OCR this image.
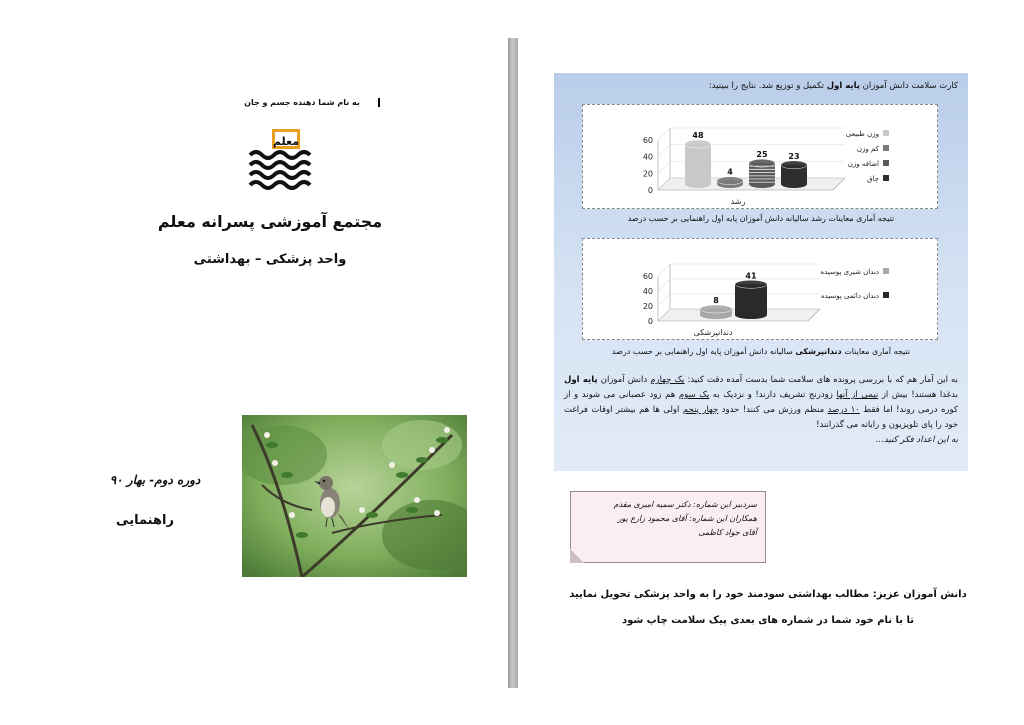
به نام شما دهنده جسم و جان
معلم
مجتمع آموزشی پسرانه معلم
واحد پزشکی – بهداشتی
دوره دوم- بهار ۹۰
راهنمایی
کارت سلامت دانش آموزان پایه اول تکمیل و توزیع شد. نتایج را ببینید:
0
20
40
60
48
4
25	23
رشد
وزن طبیعی
کم وزن
اضافه وزن
چاق
نتیجه آماری معاینات رشد سالیانه دانش آموزان پایه اول راهنمایی بر حسب درصد
0
20
40
60
8
41
دندانپزشکی
دندان شیری پوسیده
دندان دائمی پوسیده
نتیجه آماری معاینات دندانپزشکی سالیانه دانش آموزان پایه اول راهنمایی بر حسب درصد
به این آمار هم که با بررسی پرونده های سلامت شما بدست آمده دقت کنید: یک چهارم دانش آموزان پایه اول بدغذا هستند! بیش از نیمی از آنها زودرنج تشریف دارند! و نزدیک به یک سوم هم زود عصبانی می شوند و از کوره درمی روند! اما فقط ۱۰ درصد منظم ورزش می کنند! حدود چهار پنجم اولی ها هم بیشتر اوقات فراغت خود را پای تلویزیون و رایانه می گذرانند!
به این اعداد فکر کنید...
سردبیر این شماره: دکتر سمیه امیری مقدم
همکاران این شماره: آقای محمود زارع پور
آقای جواد کاظمی
دانش آموزان عزیز: مطالب بهداشتی سودمند خود را به واحد پزشکی تحویل نمایید
تا با نام خود شما در شماره های بعدی پیک سلامت چاپ شود
